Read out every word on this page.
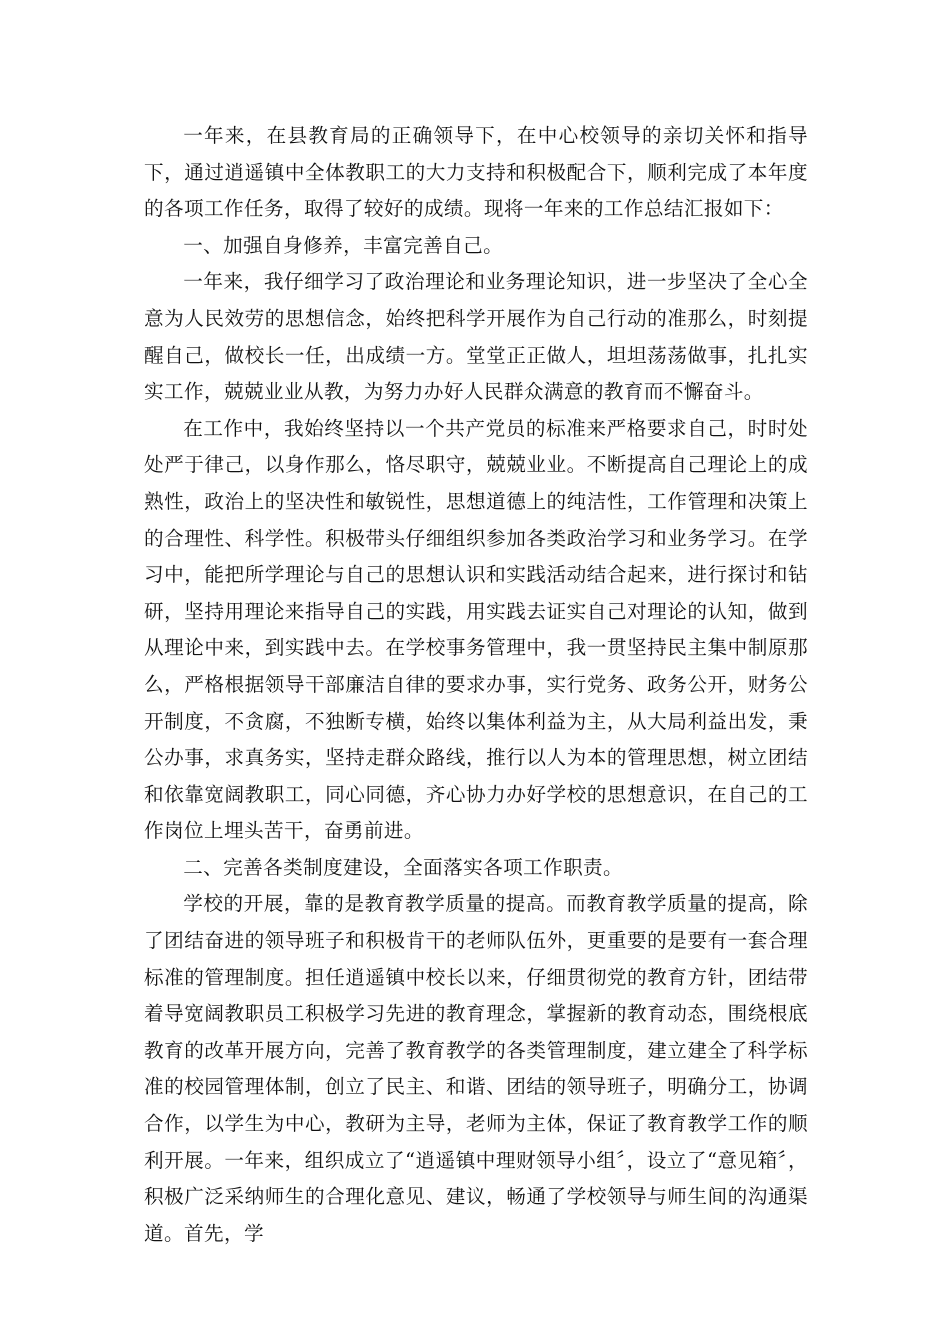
一年来，在县教育局的正确领导下，在中心校领导的亲切关怀和指导下，通过逍遥镇中全体教职工的大力支持和积极配合下，顺利完成了本年度的各项工作任务，取得了较好的成绩。现将一年来的工作总结汇报如下：

一、加强自身修养，丰富完善自己。

一年来，我仔细学习了政治理论和业务理论知识，进一步坚决了全心全意为人民效劳的思想信念，始终把科学开展作为自己行动的准那么，时刻提醒自己，做校长一任，出成绩一方。堂堂正正做人，坦坦荡荡做事，扎扎实实工作，兢兢业业从教，为努力办好人民群众满意的教育而不懈奋斗。

在工作中，我始终坚持以一个共产党员的标准来严格要求自己，时时处处严于律己，以身作那么，恪尽职守，兢兢业业。不断提高自己理论上的成熟性，政治上的坚决性和敏锐性，思想道德上的纯洁性，工作管理和决策上的合理性、科学性。积极带头仔细组织参加各类政治学习和业务学习。在学习中，能把所学理论与自己的思想认识和实践活动结合起来，进行探讨和钻研，坚持用理论来指导自己的实践，用实践去证实自己对理论的认知，做到从理论中来，到实践中去。在学校事务管理中，我一贯坚持民主集中制原那么，严格根据领导干部廉洁自律的要求办事，实行党务、政务公开，财务公开制度，不贪腐，不独断专横，始终以集体利益为主，从大局利益出发，秉公办事，求真务实，坚持走群众路线，推行以人为本的管理思想，树立团结和依靠宽阔教职工，同心同德，齐心协力办好学校的思想意识，在自己的工作岗位上埋头苦干，奋勇前进。

二、完善各类制度建设，全面落实各项工作职责。

学校的开展，靠的是教育教学质量的提高。而教育教学质量的提高，除了团结奋进的领导班子和积极肯干的老师队伍外，更重要的是要有一套合理标准的管理制度。担任逍遥镇中校长以来，仔细贯彻党的教育方针，团结带着导宽阔教职员工积极学习先进的教育理念，掌握新的教育动态，围绕根底教育的改革开展方向，完善了教育教学的各类管理制度，建立建全了科学标准的校园管理体制，创立了民主、和谐、团结的领导班子，明确分工，协调合作，以学生为中心，教研为主导，老师为主体，保证了教育教学工作的顺利开展。一年来，组织成立了“逍遥镇中理财领导小组〞，设立了“意见箱〞，积极广泛采纳师生的合理化意见、建议，畅通了学校领导与师生间的沟通渠道。首先，学
